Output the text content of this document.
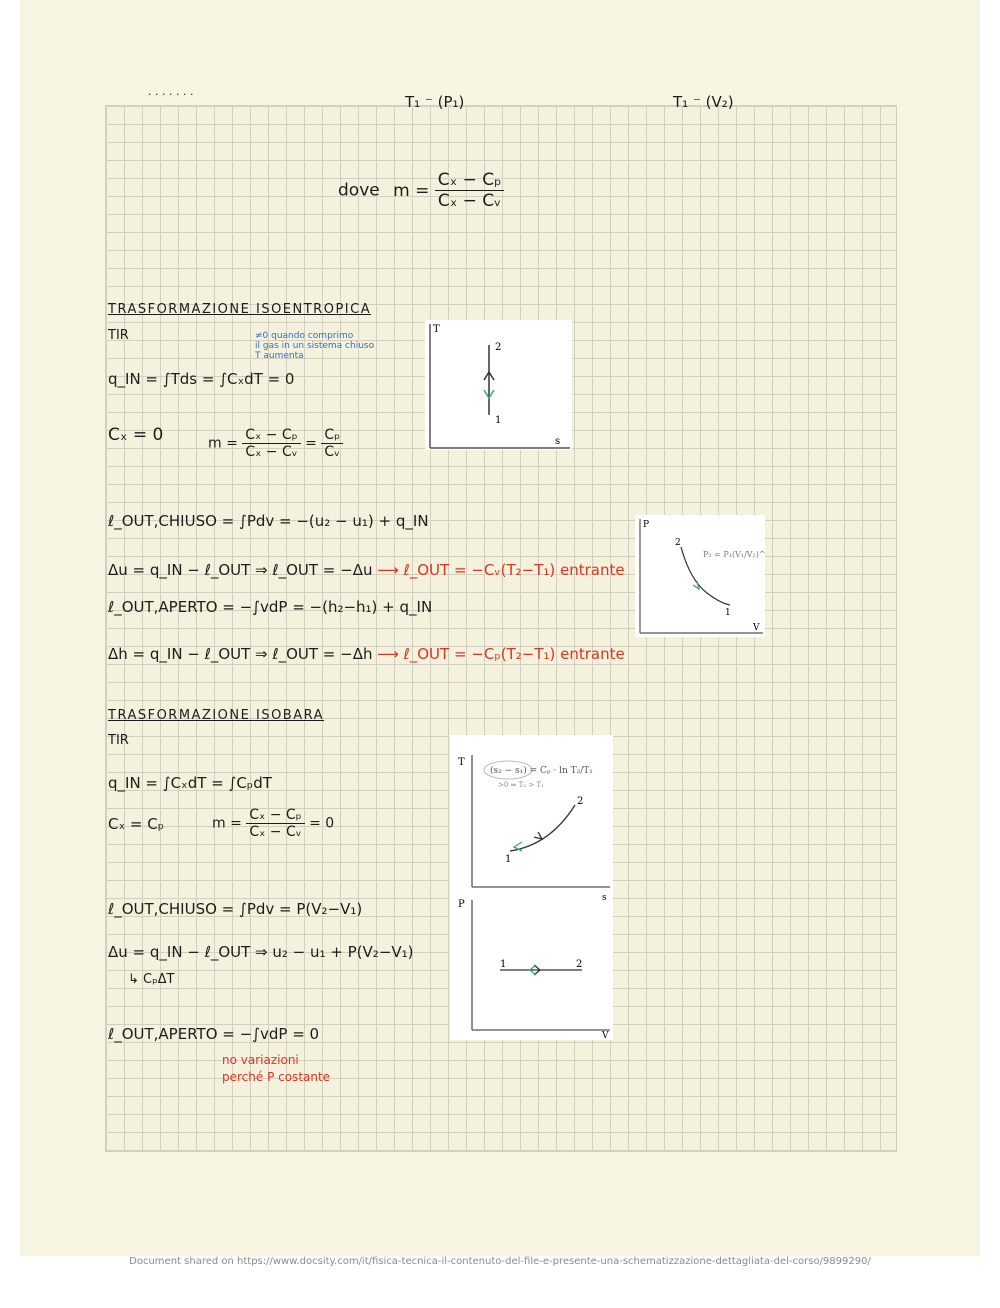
· · · · · · ·	T₁ ⁻ (P₁)	T₁ ⁻ (V₂)
dove $m = \frac{\text{Cₓ − Cₚ}}{\text{Cₓ − Cᵥ}}$
TRASFORMAZIONE ISOENTROPICA
TIR	≠0 quando comprimo
il gas in un sistema chiuso
T aumenta
q_IN = ∫Tds = ∫CₓdT = 0
Cₓ = 0	$m = \frac{\text{Cₓ − Cₚ}}{\text{Cₓ − Cᵥ}} = \frac{\text{Cₚ}}{\text{Cᵥ}}$
ℓ_OUT,CHIUSO = ∫Pdv = −(u₂ − u₁) + q_IN
Δu = q_IN − ℓ_OUT ⇒ ℓ_OUT = −Δu ⟶ ℓ_OUT = −Cᵥ(T₂−T₁) entrante
ℓ_OUT,APERTO = −∫vdP = −(h₂−h₁) + q_IN
Δh = q_IN − ℓ_OUT ⇒ ℓ_OUT = −Δh ⟶ ℓ_OUT = −Cₚ(T₂−T₁) entrante
T
s
2
1
P
V
2
1
P₂ = P₁(V₁/V₂)^k
TRASFORMAZIONE ISOBARA
TIR
q_IN = ∫CₓdT = ∫CₚdT
Cₓ = Cₚ	$m = \frac{\text{Cₓ − Cₚ}}{\text{Cₓ − Cᵥ}} = 0$
ℓ_OUT,CHIUSO = ∫Pdv = P(V₂−V₁)
Δu = q_IN − ℓ_OUT ⇒ u₂ − u₁ + P(V₂−V₁)
↳ CₚΔT
ℓ_OUT,APERTO = −∫vdP = 0
no variazioni
perché P costante
T
s
(s₂ − s₁) = Cₚ · ln T₂/T₁
>0 ⇒ T₂ > T₁
1
2
P
V
1	2
Document shared on https://www.docsity.com/it/fisica-tecnica-il-contenuto-del-file-e-presente-una-schematizzazione-dettagliata-del-corso/9899290/
